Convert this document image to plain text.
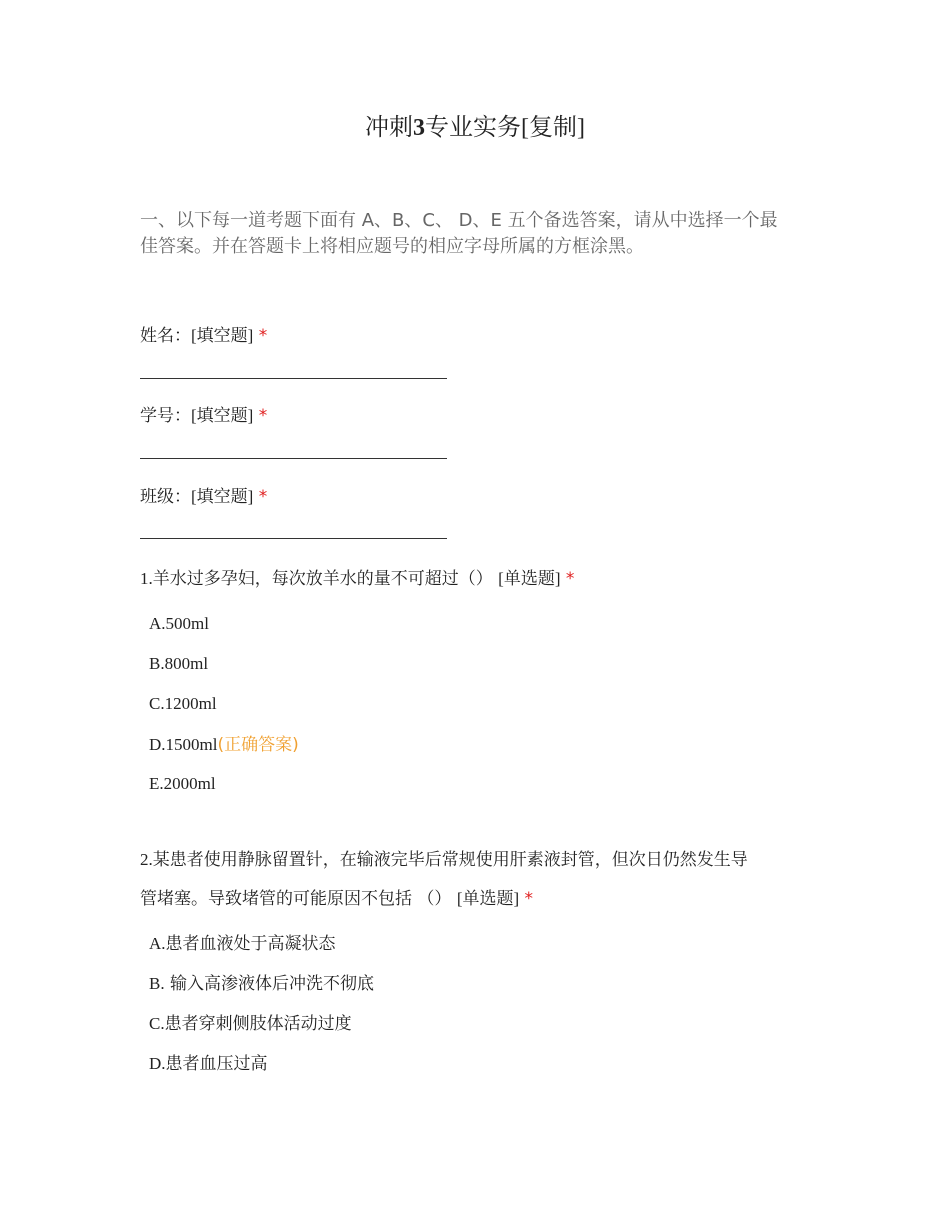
冲刺3专业实务[复制]
一、以下每一道考题下面有 A、B、C、 D、E 五个备选答案，请从中选择一个最
佳答案。并在答题卡上将相应题号的相应字母所属的方框涂黑。
姓名：[填空题] *
学号：[填空题] *
班级：[填空题] *
1.羊水过多孕妇，每次放羊水的量不可超过（） [单选题] *
A.500ml
B.800ml
C.1200ml
D.1500ml(正确答案)
E.2000ml
2.某患者使用静脉留置针，在输液完毕后常规使用肝素液封管，但次日仍然发生导
管堵塞。导致堵管的可能原因不包括 （） [单选题] *
A.患者血液处于高凝状态
B. 输入高渗液体后冲洗不彻底
C.患者穿刺侧肢体活动过度
D.患者血压过高
